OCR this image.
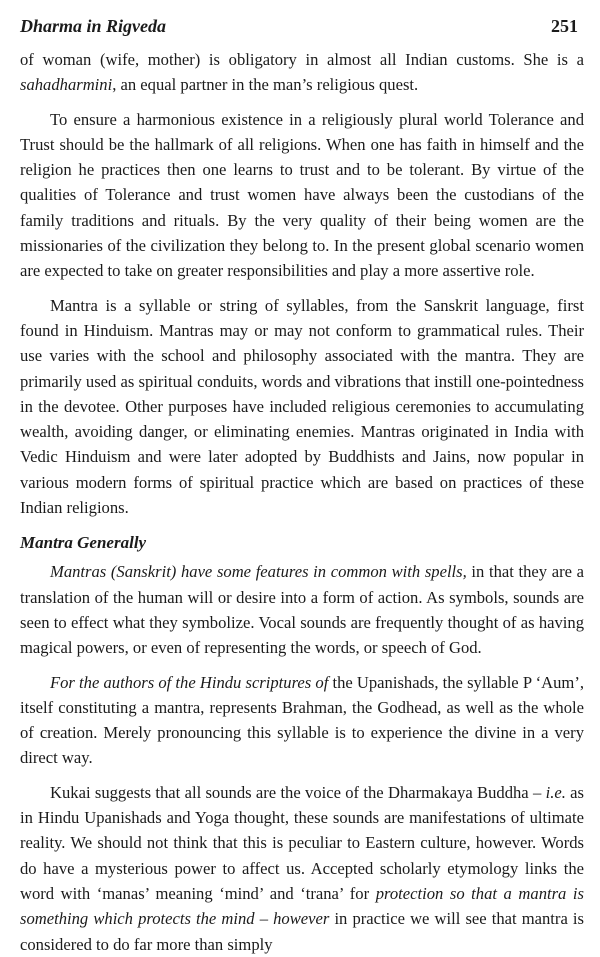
Dharma in Rigveda	251

of woman (wife, mother) is obligatory in almost all Indian customs. She is a sahadharmini, an equal partner in the man’s religious quest.

To ensure a harmonious existence in a religiously plural world Tolerance and Trust should be the hallmark of all religions. When one has faith in himself and the religion he practices then one learns to trust and to be tolerant. By virtue of the qualities of Tolerance and trust women have always been the custodians of the family traditions and rituals. By the very quality of their being women are the missionaries of the civilization they belong to. In the present global scenario women are expected to take on greater responsibilities and play a more assertive role.

Mantra is a syllable or string of syllables, from the Sanskrit language, first found in Hinduism. Mantras may or may not conform to grammatical rules. Their use varies with the school and philosophy associated with the mantra. They are primarily used as spiritual conduits, words and vibrations that instill one-pointedness in the devotee. Other purposes have included religious ceremonies to accumulating wealth, avoiding danger, or eliminating enemies. Mantras originated in India with Vedic Hinduism and were later adopted by Buddhists and Jains, now popular in various modern forms of spiritual practice which are based on practices of these Indian religions.

Mantra Generally

Mantras (Sanskrit) have some features in common with spells, in that they are a translation of the human will or desire into a form of action. As symbols, sounds are seen to effect what they symbolize. Vocal sounds are frequently thought of as having magical powers, or even of representing the words, or speech of God.

For the authors of the Hindu scriptures of the Upanishads, the syllable P ‘Aum’, itself constituting a mantra, represents Brahman, the Godhead, as well as the whole of creation. Merely pronouncing this syllable is to experience the divine in a very direct way.

Kukai suggests that all sounds are the voice of the Dharmakaya Buddha – i.e. as in Hindu Upanishads and Yoga thought, these sounds are manifestations of ultimate reality. We should not think that this is peculiar to Eastern culture, however. Words do have a mysterious power to affect us. Accepted scholarly etymology links the word with ‘manas’ meaning ‘mind’ and ‘trana’ for protection so that a mantra is something which protects the mind – however in practice we will see that mantra is considered to do far more than simply
